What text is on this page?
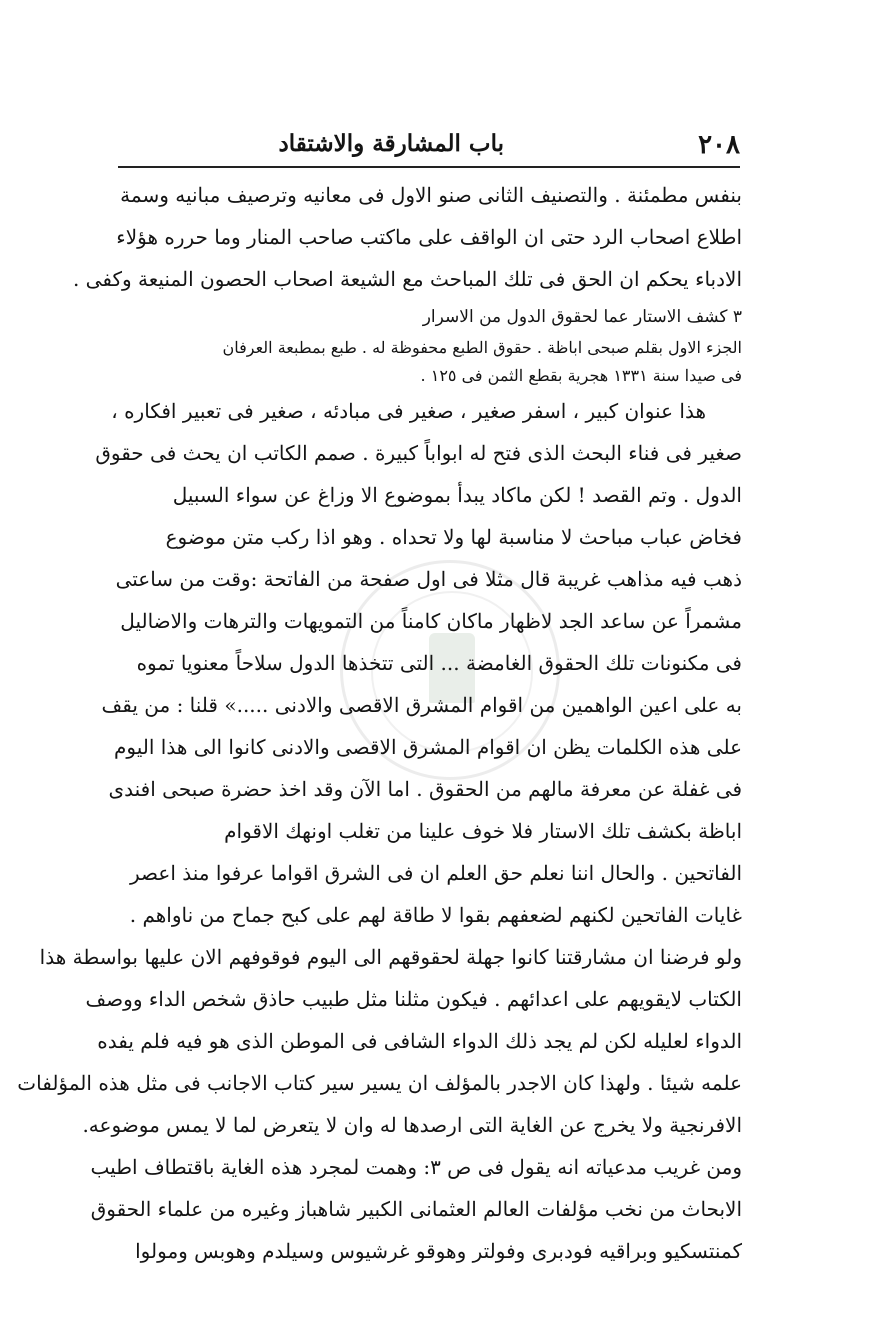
٢٠٨
باب المشارقة والاشتقاد
بنفس مطمئنة . والتصنيف الثانى صنو الاول فى معانيه وترصيف مبانيه وسمة
اطلاع اصحاب الرد حتى ان الواقف على ماكتب صاحب المنار وما حرره هؤلاء
الادباء يحكم ان الحق فى تلك المباحث مع الشيعة اصحاب الحصون المنيعة وكفى .
٣ كشف الاستار عما لحقوق الدول من الاسرار
الجزء الاول بقلم صبحى اباظة . حقوق الطبع محفوظة له . طبع بمطبعة العرفان
فى صيدا سنة ١٣٣١ هجرية بقطع الثمن فى ١٢٥ .
هذا عنوان كبير ، اسفر صغير ، صغير فى مبادئه ، صغير فى تعبير افكاره ،
صغير فى فناء البحث الذى فتح له ابواباً كبيرة . صمم الكاتب ان يحث فى حقوق
الدول . وتم القصد ! لكن ماكاد يبدأ بموضوع الا وزاغ عن سواء السبيل
فخاض عباب مباحث لا مناسبة لها ولا تحداه . وهو اذا ركب متن موضوع
ذهب فيه مذاهب غريبة قال مثلا فى اول صفحة من الفاتحة :وقت من ساعتى
مشمراً عن ساعد الجد لاظهار ماكان كامناً من التمويهات والترهات والاضاليل
فى مكنونات تلك الحقوق الغامضة ... التى تتخذها الدول سلاحاً معنويا تموه
به على اعين الواهمين من اقوام المشرق الاقصى والادنى .....» قلنا : من يقف
على هذه الكلمات يظن ان اقوام المشرق الاقصى والادنى كانوا الى هذا اليوم
فى غفلة عن معرفة مالهم من الحقوق . اما الآن وقد اخذ حضرة صبحى افندى
اباظة بكشف تلك الاستار فلا خوف علينا من تغلب اونهك الاقوام
الفاتحين . والحال اننا نعلم حق العلم ان فى الشرق اقواما عرفوا منذ اعصر
غايات الفاتحين لكنهم لضعفهم بقوا لا طاقة لهم على كبح جماح من ناواهم .
ولو فرضنا ان مشارقتنا كانوا جهلة لحقوقهم الى اليوم فوقوفهم الان عليها بواسطة هذا
الكتاب لايقويهم على اعدائهم . فيكون مثلنا مثل طبيب حاذق شخص الداء ووصف
الدواء لعليله لكن لم يجد ذلك الدواء الشافى فى الموطن الذى هو فيه فلم يفده
علمه شيئا . ولهذا كان الاجدر بالمؤلف ان يسير سير كتاب الاجانب فى مثل هذه المؤلفات
الافرنجية ولا يخرج عن الغاية التى ارصدها له وان لا يتعرض لما لا يمس موضوعه.
ومن غريب مدعياته انه يقول فى ص ٣: وهمت لمجرد هذه الغاية باقتطاف اطيب
الابحاث من نخب مؤلفات العالم العثمانى الكبير شاهباز وغيره من علماء الحقوق
كمنتسكيو وبراقيه فودبرى وفولتر وهوقو غرشيوس وسيلدم وهوبس ومولوا
